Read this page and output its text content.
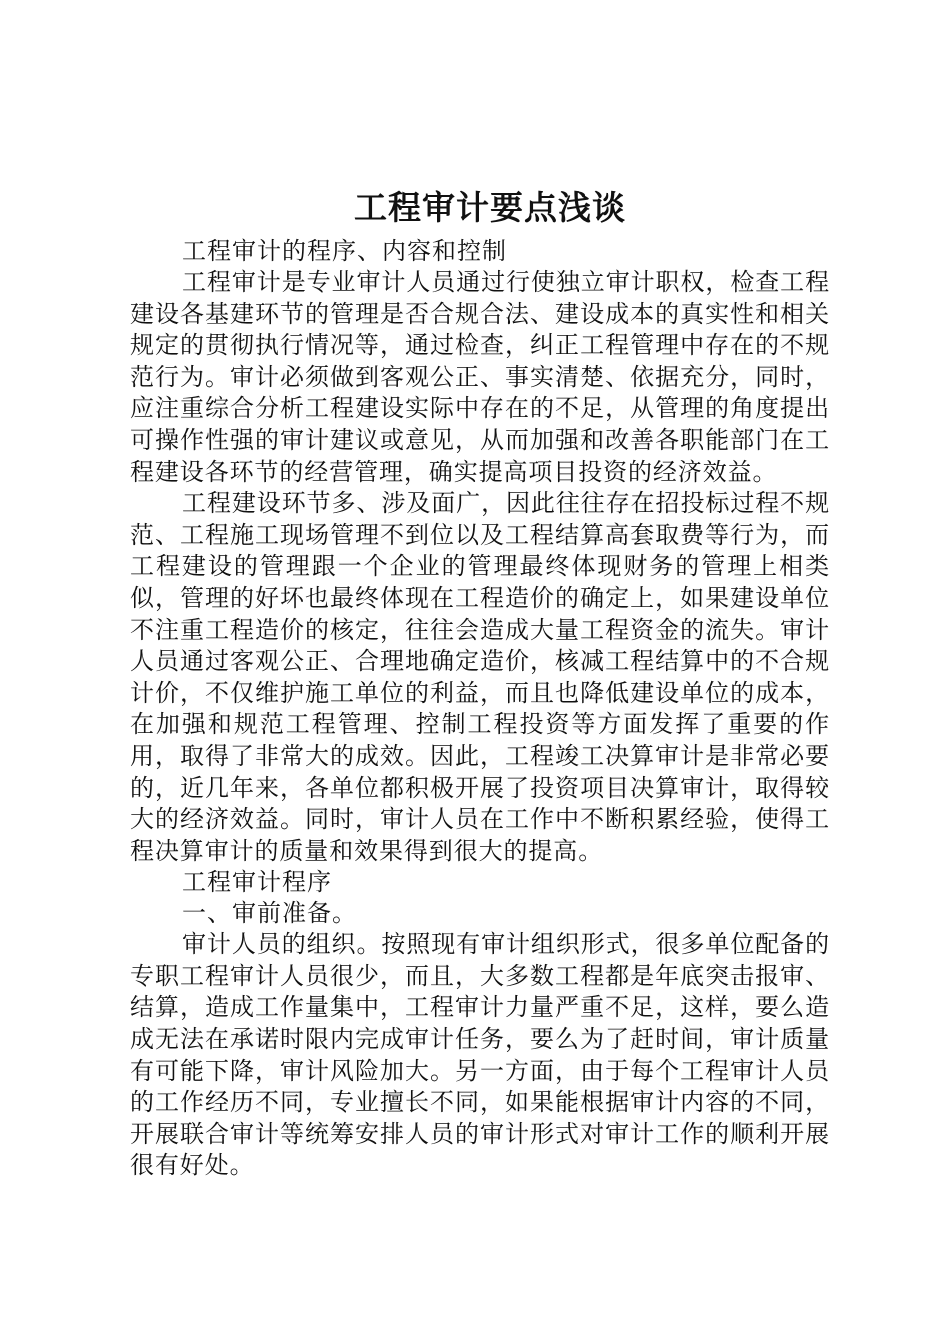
工程审计要点浅谈

工程审计的程序、内容和控制

工程审计是专业审计人员通过行使独立审计职权，检查工程建设各基建环节的管理是否合规合法、建设成本的真实性和相关规定的贯彻执行情况等，通过检查，纠正工程管理中存在的不规范行为。审计必须做到客观公正、事实清楚、依据充分，同时，应注重综合分析工程建设实际中存在的不足，从管理的角度提出可操作性强的审计建议或意见，从而加强和改善各职能部门在工程建设各环节的经营管理，确实提高项目投资的经济效益。

工程建设环节多、涉及面广，因此往往存在招投标过程不规范、工程施工现场管理不到位以及工程结算高套取费等行为，而工程建设的管理跟一个企业的管理最终体现财务的管理上相类似，管理的好坏也最终体现在工程造价的确定上，如果建设单位不注重工程造价的核定，往往会造成大量工程资金的流失。审计人员通过客观公正、合理地确定造价，核减工程结算中的不合规计价，不仅维护施工单位的利益，而且也降低建设单位的成本，在加强和规范工程管理、控制工程投资等方面发挥了重要的作用，取得了非常大的成效。因此，工程竣工决算审计是非常必要的，近几年来，各单位都积极开展了投资项目决算审计，取得较大的经济效益。同时，审计人员在工作中不断积累经验，使得工程决算审计的质量和效果得到很大的提高。

工程审计程序

一、审前准备。

审计人员的组织。按照现有审计组织形式，很多单位配备的专职工程审计人员很少，而且，大多数工程都是年底突击报审、结算，造成工作量集中，工程审计力量严重不足，这样，要么造成无法在承诺时限内完成审计任务，要么为了赶时间，审计质量有可能下降，审计风险加大。另一方面，由于每个工程审计人员的工作经历不同，专业擅长不同，如果能根据审计内容的不同，开展联合审计等统筹安排人员的审计形式对审计工作的顺利开展很有好处。
